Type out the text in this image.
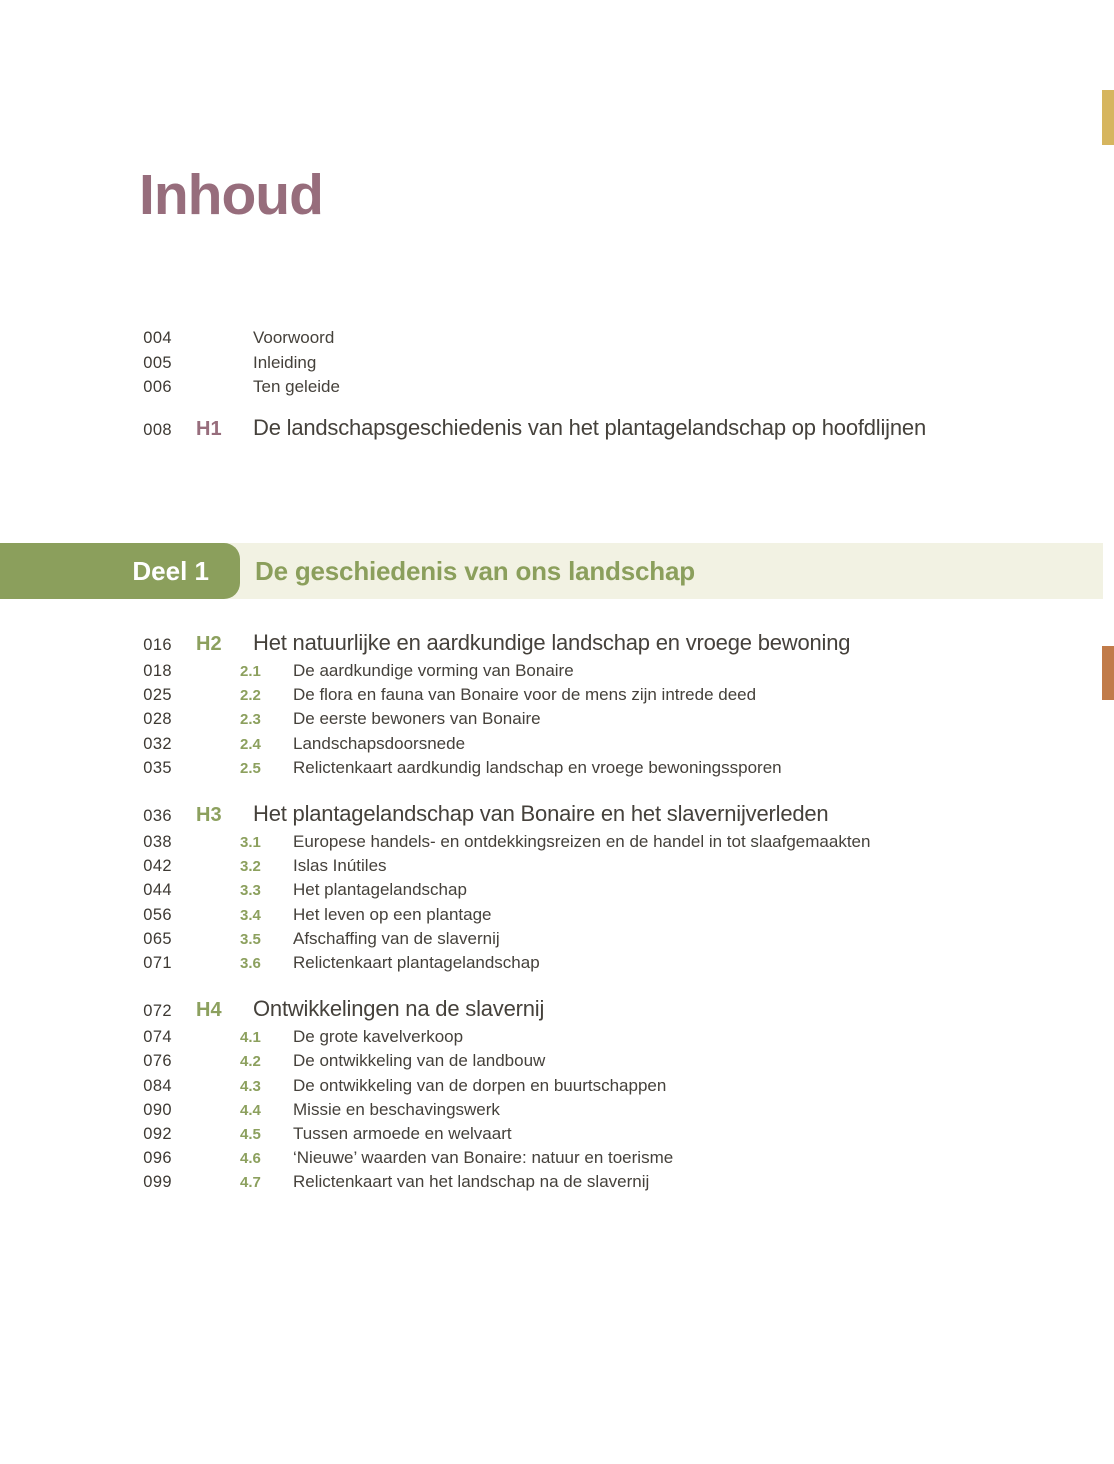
Inhoud
004	Voorwoord
005	Inleiding
006	Ten geleide
008 H1	De landschapsgeschiedenis van het plantagelandschap op hoofdlijnen
Deel 1	De geschiedenis van ons landschap
016 H2	Het natuurlijke en aardkundige landschap en vroege bewoning
018	2.1	De aardkundige vorming van Bonaire
025	2.2	De flora en fauna van Bonaire voor de mens zijn intrede deed
028	2.3	De eerste bewoners van Bonaire
032	2.4	Landschapsdoorsnede
035	2.5	Relictenkaart aardkundig landschap en vroege bewoningssporen
036 H3	Het plantagelandschap van Bonaire en het slavernijverleden
038	3.1	Europese handels- en ontdekkingsreizen en de handel in tot slaafgemaakten
042	3.2	Islas Inútiles
044	3.3	Het plantagelandschap
056	3.4	Het leven op een plantage
065	3.5	Afschaffing van de slavernij
071	3.6	Relictenkaart plantagelandschap
072 H4	Ontwikkelingen na de slavernij
074	4.1	De grote kavelverkoop
076	4.2	De ontwikkeling van de landbouw
084	4.3	De ontwikkeling van de dorpen en buurtschappen
090	4.4	Missie en beschavingswerk
092	4.5	Tussen armoede en welvaart
096	4.6	‘Nieuwe’ waarden van Bonaire: natuur en toerisme
099	4.7	Relictenkaart van het landschap na de slavernij
